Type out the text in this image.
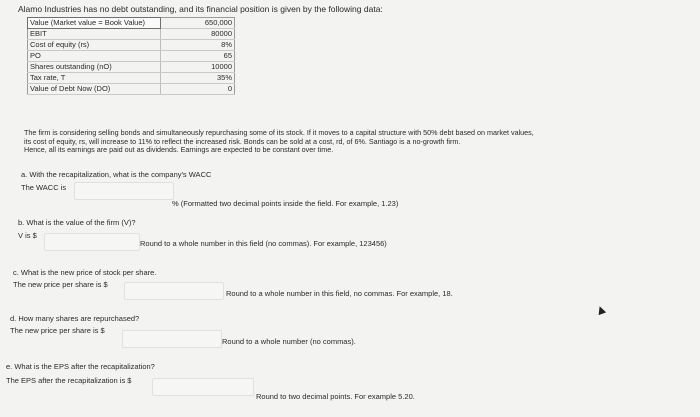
Alamo Industries has no debt outstanding, and its financial position is given by the following data:
Value (Market value = Book Value)	650,000
EBIT	80000
Cost of equity (rs)	8%
PO	65
Shares outstanding (nO)	10000
Tax rate, T	35%
Value of Debt Now (DO)	0
The firm is considering selling bonds and simultaneously repurchasing some of its stock. If it moves to a capital structure with 50% debt based on market values,
its cost of equity, rs, will increase to 11% to reflect the increased risk. Bonds can be sold at a cost, rd, of 6%. Santiago is a no-growth firm.
Hence, all its earnings are paid out as dividends. Earnings are expected to be constant over time.
a. With the recapitalization, what is the company's WACC
The WACC is
% (Formatted two decimal points inside the field. For example, 1.23)
b. What is the value of the firm (V)?
V is $
Round to a whole number in this field (no commas). For example, 123456)
c. What is the new price of stock per share.
The new price per share is $
Round to a whole number in this field, no commas. For example, 18.
d. How many shares are repurchased?
The new price per share is $
Round to a whole number (no commas).
e. What is the EPS after the recapitalization?
The EPS after the recapitalization is $
Round to two decimal points. For example 5.20.
